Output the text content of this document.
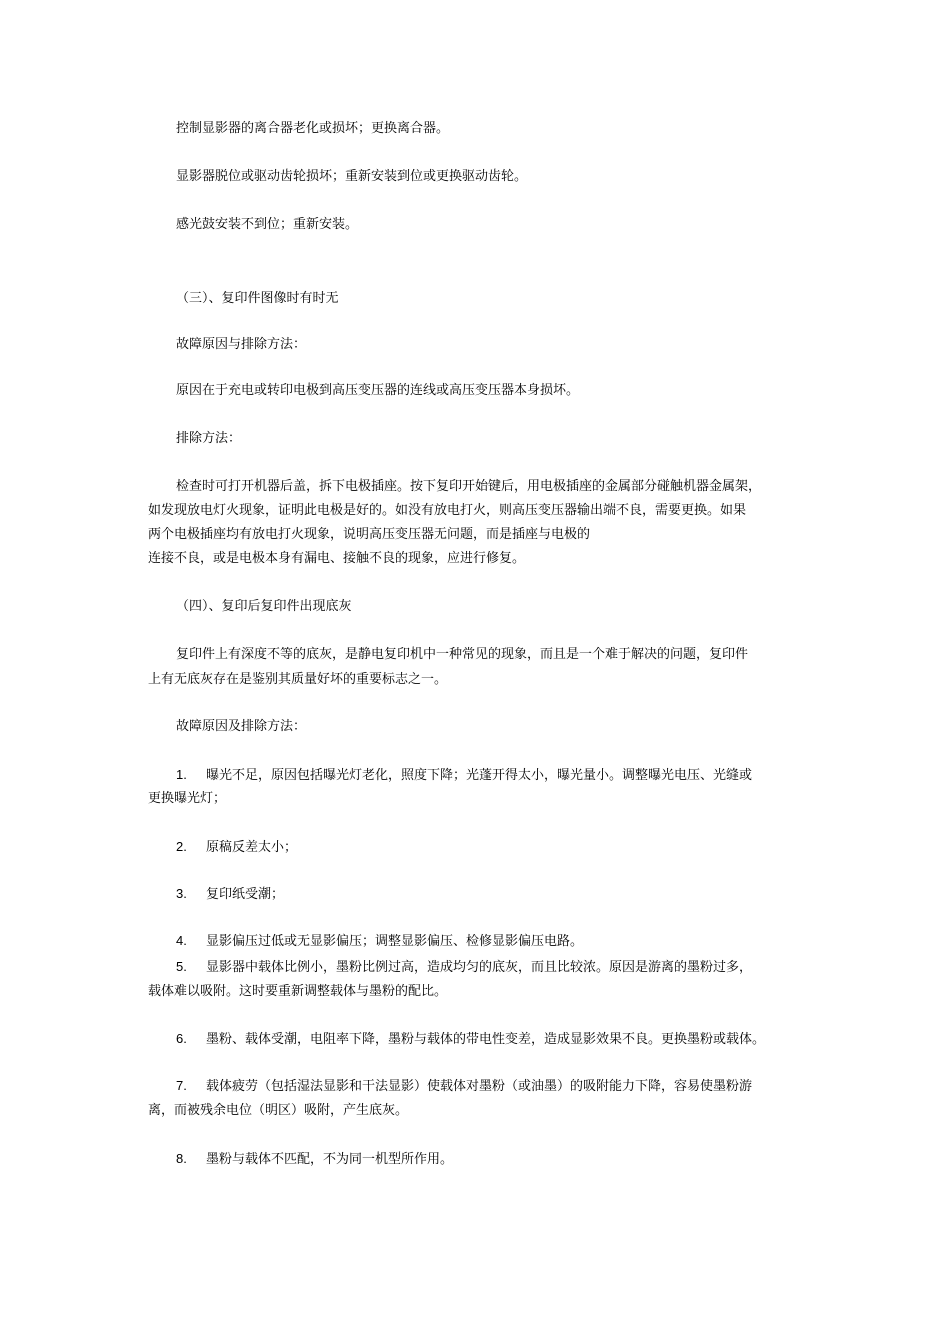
控制显影器的离合器老化或损坏；更换离合器。

显影器脱位或驱动齿轮损坏；重新安装到位或更换驱动齿轮。

感光鼓安装不到位；重新安装。

（三）、复印件图像时有时无

故障原因与排除方法：

原因在于充电或转印电极到高压变压器的连线或高压变压器本身损坏。

排除方法：

检查时可打开机器后盖，拆下电极插座。按下复印开始键后，用电极插座的金属部分碰触机器金属架，

如发现放电灯火现象，证明此电极是好的。如没有放电打火，则高压变压器输出端不良，需要更换。如果

两个电极插座均有放电打火现象，说明高压变压器无问题，而是插座与电极的

连接不良，或是电极本身有漏电、接触不良的现象，应进行修复。

（四）、复印后复印件出现底灰

复印件上有深度不等的底灰，是静电复印机中一种常见的现象，而且是一个难于解决的问题，复印件

上有无底灰存在是鉴别其质量好坏的重要标志之一。

故障原因及排除方法：

1. 曝光不足，原因包括曝光灯老化，照度下降；光蓬开得太小，曝光量小。调整曝光电压、光缝或

更换曝光灯；

2. 原稿反差太小；

3. 复印纸受潮；

4. 显影偏压过低或无显影偏压；调整显影偏压、检修显影偏压电路。

5. 显影器中载体比例小，墨粉比例过高，造成均匀的底灰，而且比较浓。原因是游离的墨粉过多，

载体难以吸附。这时要重新调整载体与墨粉的配比。

6. 墨粉、载体受潮，电阻率下降，墨粉与载体的带电性变差，造成显影效果不良。更换墨粉或载体。

7. 载体疲劳（包括湿法显影和干法显影）使载体对墨粉（或油墨）的吸附能力下降，容易使墨粉游

离，而被残余电位（明区）吸附，产生底灰。

8. 墨粉与载体不匹配，不为同一机型所作用。
